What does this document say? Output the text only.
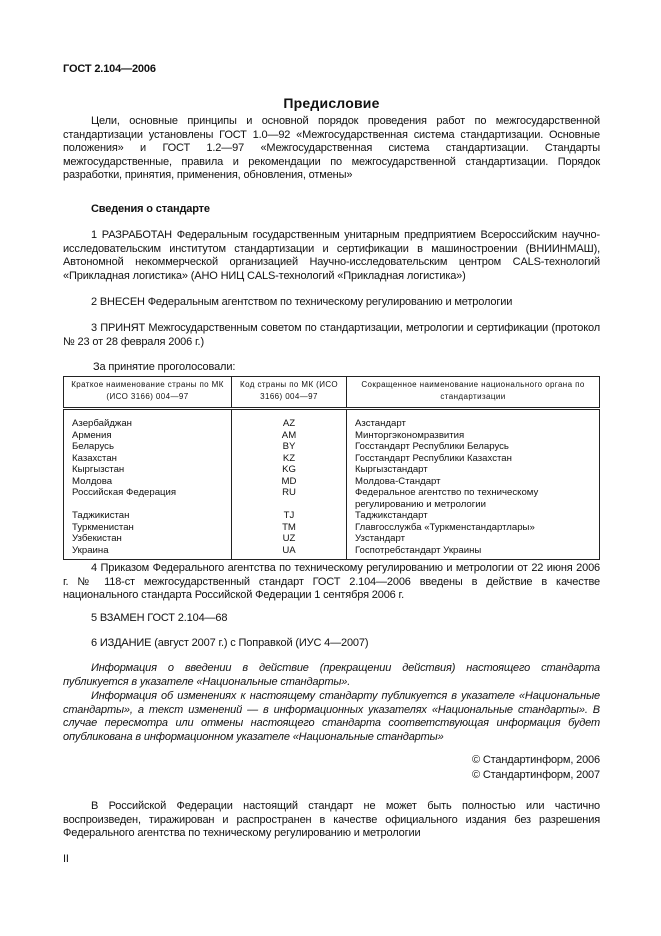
ГОСТ 2.104—2006
Предисловие

Цели, основные принципы и основной порядок проведения работ по межгосударственной стандартизации установлены ГОСТ 1.0—92 «Межгосударственная система стандартизации. Основные положения» и ГОСТ 1.2—97 «Межгосударственная система стандартизации. Стандарты межгосударственные, правила и рекомендации по межгосударственной стандартизации. Порядок разработки, принятия, применения, обновления, отмены»

Сведения о стандарте

1 РАЗРАБОТАН Федеральным государственным унитарным предприятием Всероссийским научно-исследовательским институтом стандартизации и сертификации в машиностроении (ВНИИНМАШ), Автономной некоммерческой организацией Научно-исследовательским центром CALS-технологий «Прикладная логистика» (АНО НИЦ CALS-технологий «Прикладная логистика»)

2 ВНЕСЕН Федеральным агентством по техническому регулированию и метрологии

3 ПРИНЯТ Межгосударственным советом по стандартизации, метрологии и сертификации (протокол № 23 от 28 февраля 2006 г.)

За принятие проголосовали:
Краткое наименование страны по МК (ИСО 3166) 004—97	Код страны по МК (ИСО 3166) 004—97	Сокращенное наименование национального органа по стандартизации
Азербайджан	AZ	Азстандарт
Армения	AM	Минторгэкономразвития
Беларусь	BY	Госстандарт Республики Беларусь
Казахстан	KZ	Госстандарт Республики Казахстан
Кыргызстан	KG	Кыргызстандарт
Молдова	MD	Молдова-Стандарт
Российская Федерация	RU	Федеральное агентство по техническому регулированию и метрологии
Таджикистан	TJ	Таджикстандарт
Туркменистан	TM	Главгосслужба «Туркменстандартлары»
Узбекистан	UZ	Узстандарт
Украина	UA	Госпотребстандарт Украины

4 Приказом Федерального агентства по техническому регулированию и метрологии от 22 июня 2006 г. № 118-ст межгосударственный стандарт ГОСТ 2.104—2006 введены в действие в качестве национального стандарта Российской Федерации 1 сентября 2006 г.

5 ВЗАМЕН ГОСТ 2.104—68

6 ИЗДАНИЕ (август 2007 г.) с Поправкой (ИУС 4—2007)

Информация о введении в действие (прекращении действия) настоящего стандарта публикуется в указателе «Национальные стандарты».

Информация об изменениях к настоящему стандарту публикуется в указателе «Национальные стандарты», а текст изменений — в информационных указателях «Национальные стандарты». В случае пересмотра или отмены настоящего стандарта соответствующая информация будет опубликована в информационном указателе «Национальные стандарты»

© Стандартинформ, 2006
© Стандартинформ, 2007

В Российской Федерации настоящий стандарт не может быть полностью или частично воспроизведен, тиражирован и распространен в качестве официального издания без разрешения Федерального агентства по техническому регулированию и метрологии

II
